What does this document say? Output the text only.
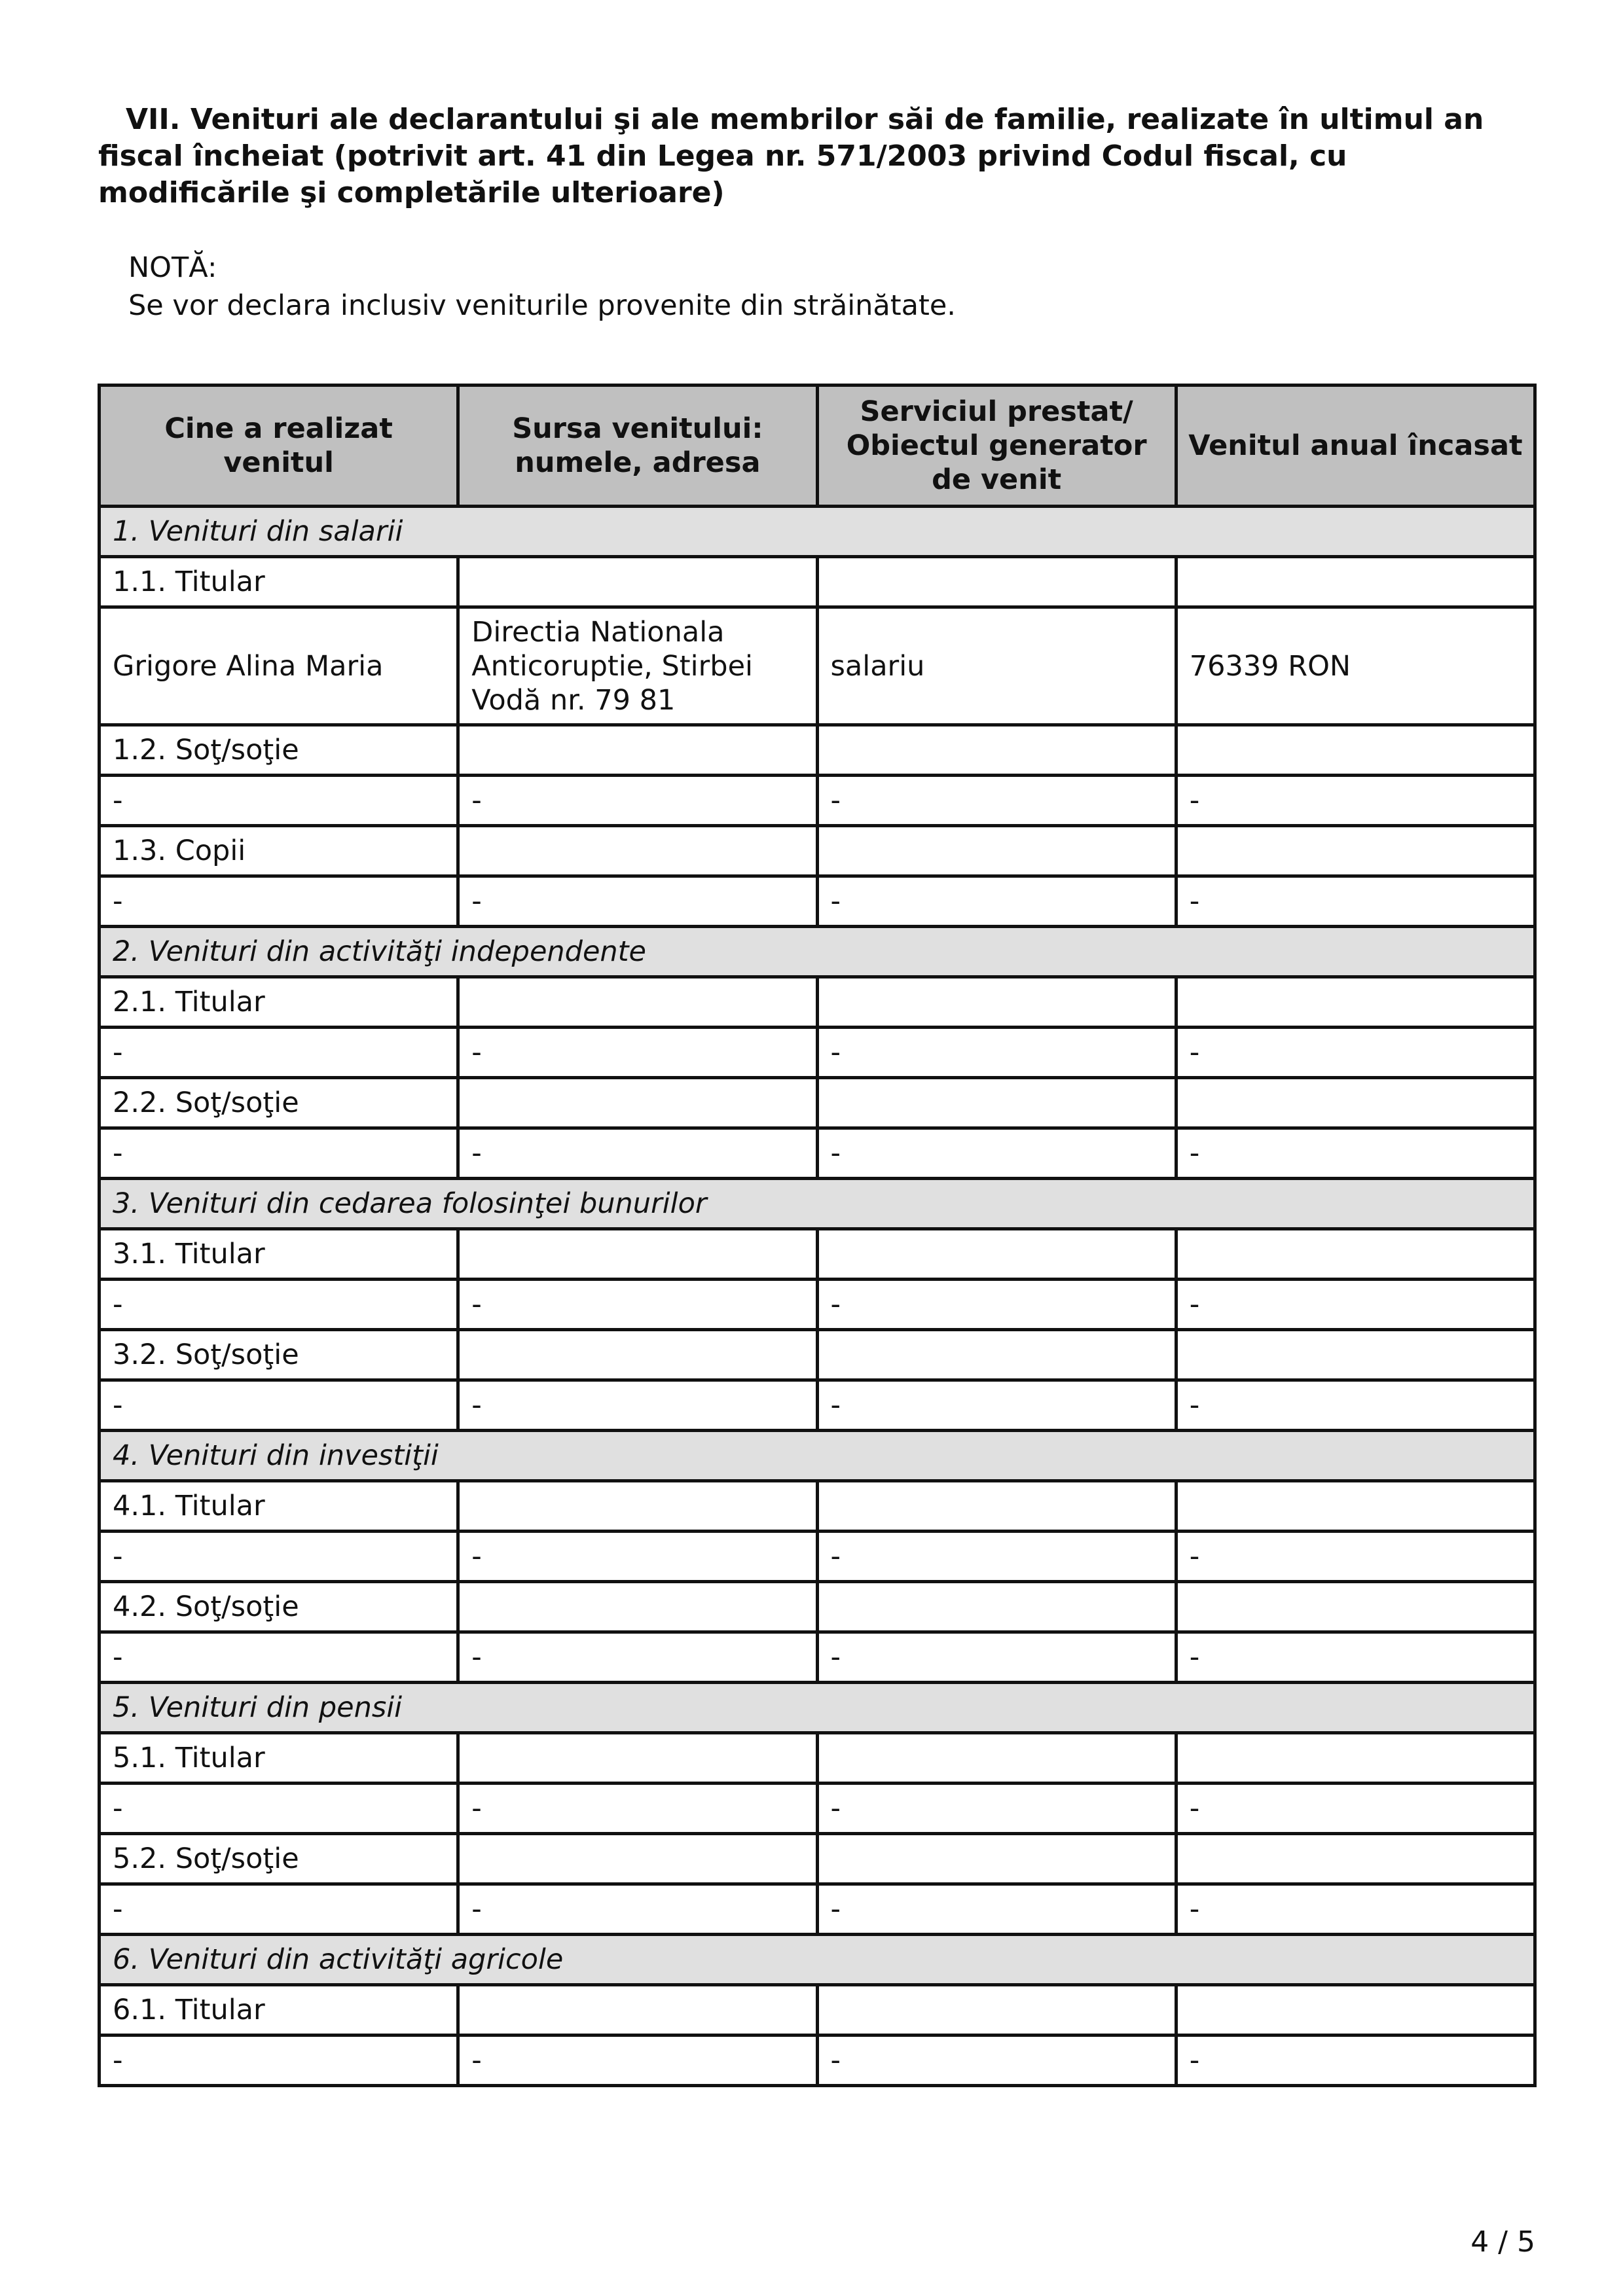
VII. Venituri ale declarantului şi ale membrilor săi de familie, realizate în ultimul an fiscal încheiat (potrivit art. 41 din Legea nr. 571/2003 privind Codul fiscal, cu modificările şi completările ulterioare)
NOTĂ:
Se vor declara inclusiv veniturile provenite din străinătate.
Cine a realizat venitul	Sursa venitului: numele, adresa	Serviciul prestat/ Obiectul generator de venit	Venitul anual încasat
1. Venituri din salarii			
1.1. Titular			
Grigore Alina Maria	Directia Nationala Anticoruptie, Stirbei Vodă nr. 79 81	salariu	76339 RON
1.2. Soţ/soţie			
-	-	-	-
1.3. Copii			
-	-	-	-
2. Venituri din activităţi independente			
2.1. Titular			
-	-	-	-
2.2. Soţ/soţie			
-	-	-	-
3. Venituri din cedarea folosinţei bunurilor			
3.1. Titular			
-	-	-	-
3.2. Soţ/soţie			
-	-	-	-
4. Venituri din investiţii			
4.1. Titular			
-	-	-	-
4.2. Soţ/soţie			
-	-	-	-
5. Venituri din pensii			
5.1. Titular			
-	-	-	-
5.2. Soţ/soţie			
-	-	-	-
6. Venituri din activităţi agricole			
6.1. Titular			
-	-	-	-
4 / 5
